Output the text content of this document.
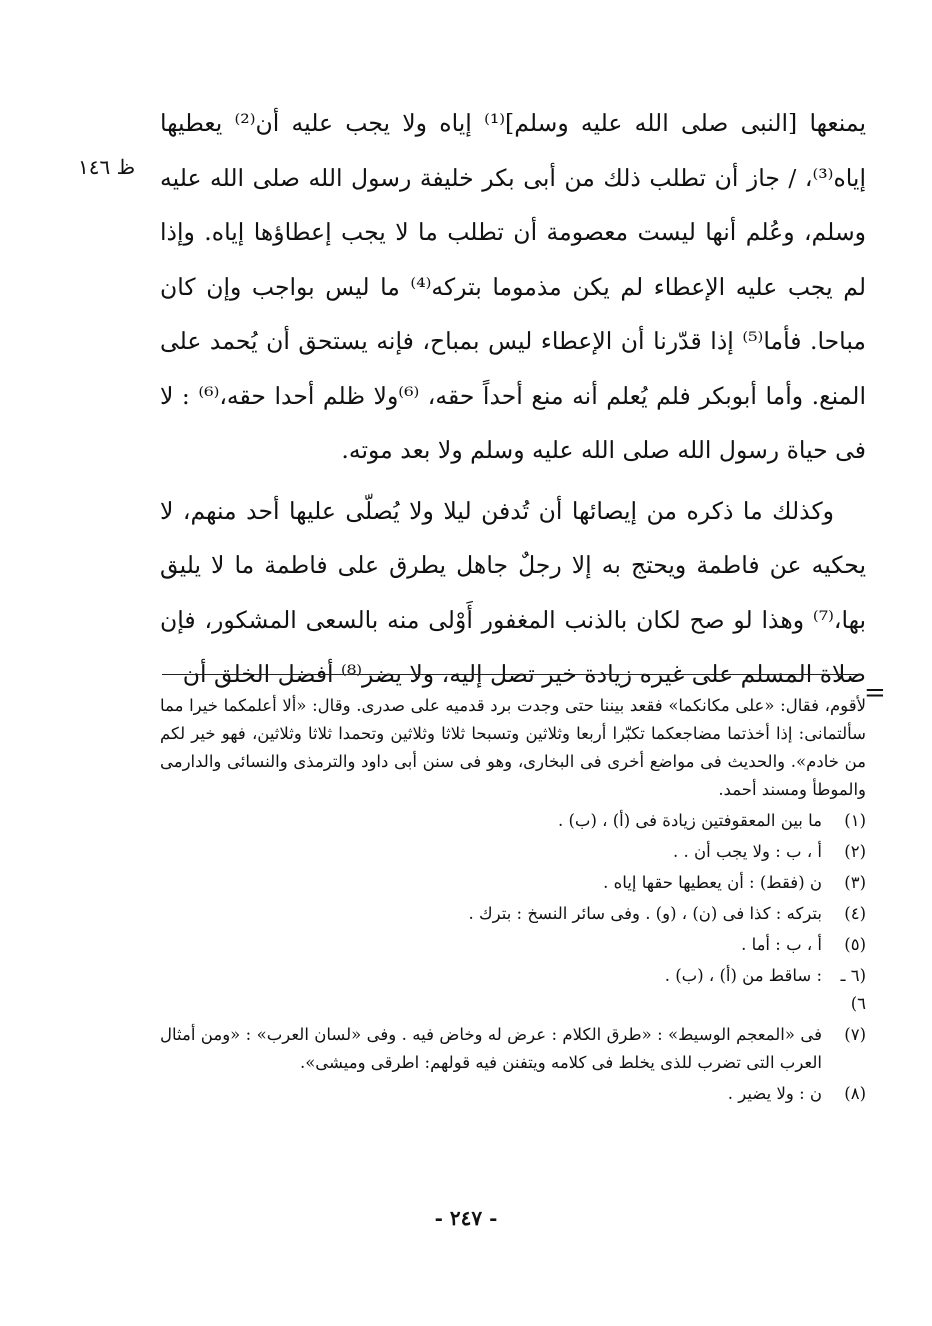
يمنعها [النبى صلى الله عليه وسلم]⁽¹⁾ إياه ولا يجب عليه أن⁽²⁾ يعطيها إياه⁽³⁾، / جاز أن تطلب ذلك من أبى بكر خليفة رسول الله صلى الله عليه وسلم، وعُلم أنها ليست معصومة أن تطلب ما لا يجب إعطاؤها إياه. وإذا لم يجب عليه الإعطاء لم يكن مذموما بتركه⁽⁴⁾ ما ليس بواجب وإن كان مباحا. فأما⁽⁵⁾ إذا قدّرنا أن الإعطاء ليس بمباح، فإنه يستحق أن يُحمد على المنع. وأما أبوبكر فلم يُعلم أنه منع أحداً حقه، ⁽⁶⁾ولا ظلم أحدا حقه،⁽⁶⁾ : لا فى حياة رسول الله صلى الله عليه وسلم ولا بعد موته.

وكذلك ما ذكره من إيصائها أن تُدفن ليلا ولا يُصلّى عليها أحد منهم، لا يحكيه عن فاطمة ويحتج به إلا رجلٌ جاهل يطرق على فاطمة ما لا يليق بها،⁽⁷⁾ وهذا لو صح لكان بالذنب المغفور أَوْلى منه بالسعى المشكور، فإن صلاة المسلم على غيره زيادة خير تصل إليه، ولا يضر⁽⁸⁾ أفضل الخلق أن

ظ ١٤٦
=

لأقوم، فقال: «على مكانكما» فقعد بيننا حتى وجدت برد قدميه على صدرى. وقال: «ألا أعلمكما خيرا مما سألتمانى: إذا أخذتما مضاجعكما تكبّرا أربعا وثلاثين وتسبحا ثلاثا وثلاثين وتحمدا ثلاثا وثلاثين، فهو خير لكم من خادم». والحديث فى مواضع أخرى فى البخارى، وهو فى سنن أبى داود والترمذى والنسائى والدارمى والموطأ ومسند أحمد.

(١)
ما بين المعقوفتين زيادة فى (أ) ، (ب) .
(٢)
أ ، ب : ولا يجب أن . .
(٣)
ن (فقط) : أن يعطيها حقها إياه .
(٤)
بتركه : كذا فى (ن) ، (و) . وفى سائر النسخ : بترك .
(٥)
أ ، ب : أما .
(٦ ـ ٦)
: ساقط من (أ) ، (ب) .
(٧)
فى «المعجم الوسيط» : «طرق الكلام : عرض له وخاض فيه . وفى «لسان العرب» : «ومن أمثال العرب التى تضرب للذى يخلط فى كلامه ويتفنن فيه قولهم: اطرقى وميشى».
(٨)
ن : ولا يضير .
- ٢٤٧ -
